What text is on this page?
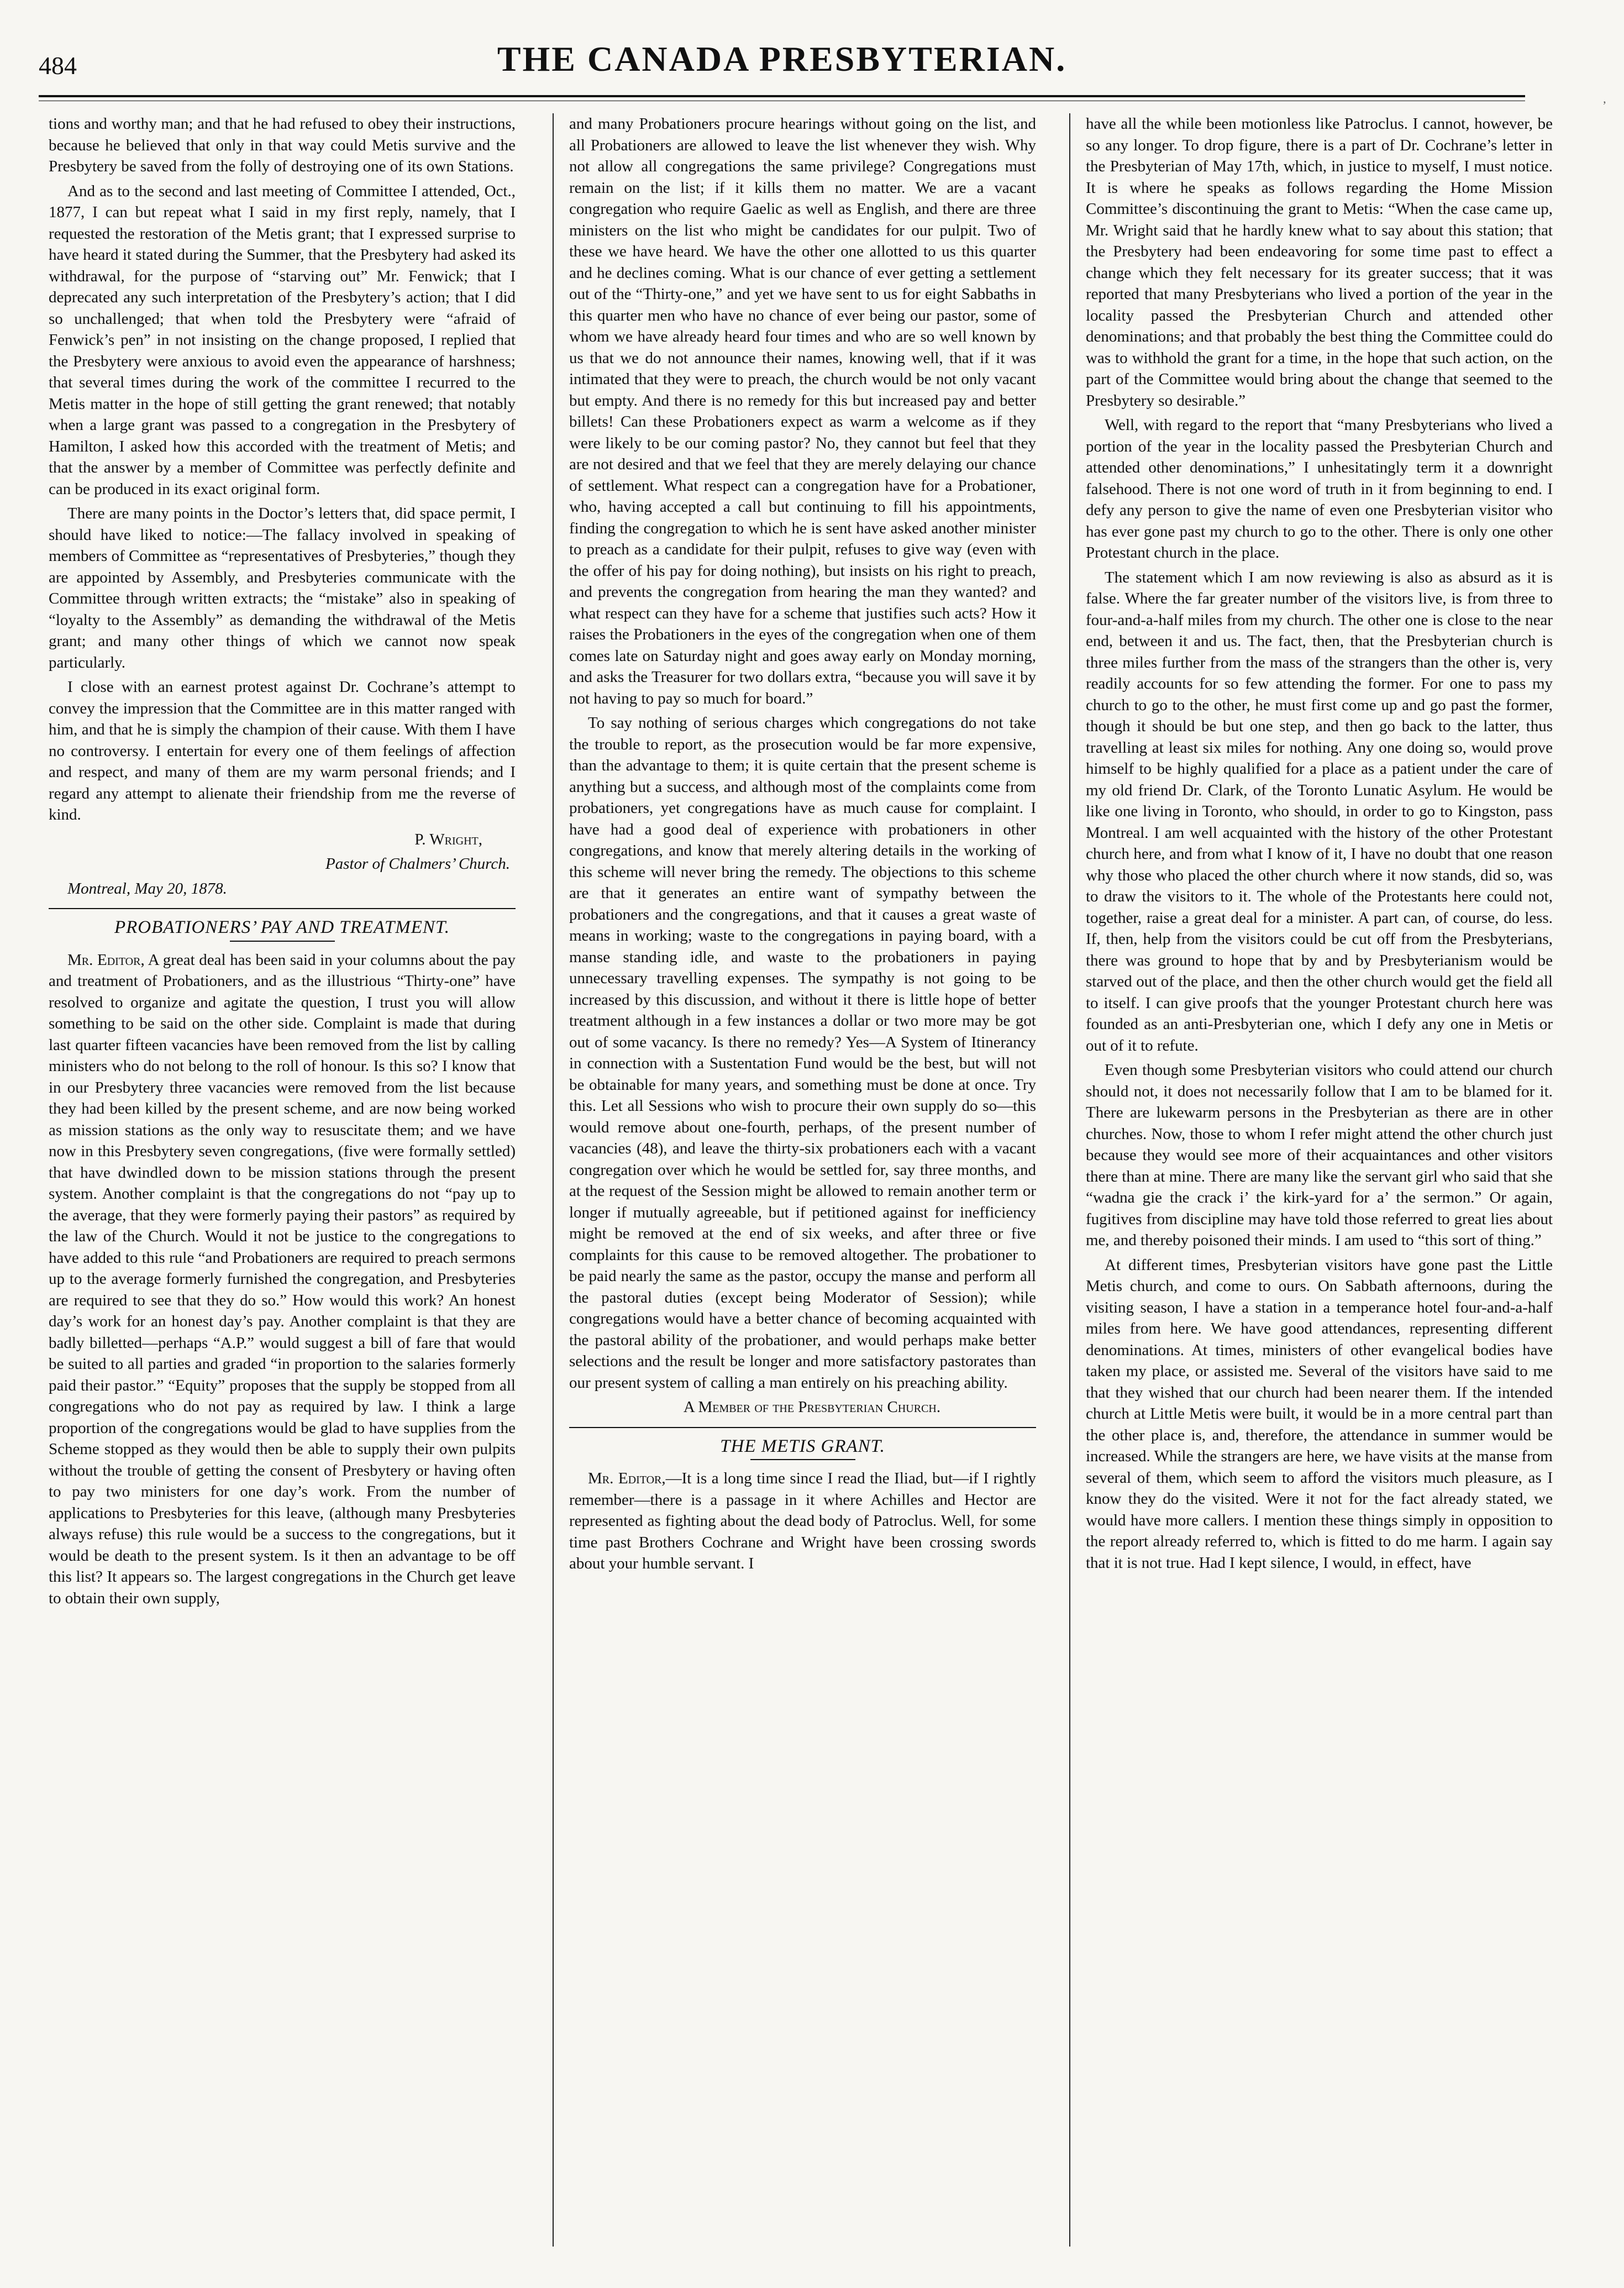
484	THE CANADA PRESBYTERIAN.
’

tions and worthy man; and that he had refused to obey their instructions, because he believed that only in that way could Metis survive and the Presbytery be saved from the folly of destroying one of its own Stations.

And as to the second and last meeting of Committee I attended, Oct., 1877, I can but repeat what I said in my first reply, namely, that I requested the restoration of the Metis grant; that I expressed surprise to have heard it stated during the Summer, that the Presbytery had asked its withdrawal, for the purpose of “starving out” Mr. Fenwick; that I deprecated any such interpretation of the Presbytery’s action; that I did so unchallenged; that when told the Presbytery were “afraid of Fenwick’s pen” in not insisting on the change proposed, I replied that the Presbytery were anxious to avoid even the appearance of harshness; that several times during the work of the committee I recurred to the Metis matter in the hope of still getting the grant renewed; that notably when a large grant was passed to a congregation in the Presbytery of Hamilton, I asked how this accorded with the treatment of Metis; and that the answer by a member of Committee was perfectly definite and can be produced in its exact original form.

There are many points in the Doctor’s letters that, did space permit, I should have liked to notice:—The fallacy involved in speaking of members of Committee as “representatives of Presbyteries,” though they are appointed by Assembly, and Presbyteries communicate with the Committee through written extracts; the “mistake” also in speaking of “loyalty to the Assembly” as demanding the withdrawal of the Metis grant; and many other things of which we cannot now speak particularly.

I close with an earnest protest against Dr. Cochrane’s attempt to convey the impression that the Committee are in this matter ranged with him, and that he is simply the champion of their cause. With them I have no controversy. I entertain for every one of them feelings of affection and respect, and many of them are my warm personal friends; and I regard any attempt to alienate their friendship from me the reverse of kind.

P. Wright,

Pastor of Chalmers’ Church.

Montreal, May 20, 1878.

PROBATIONERS’ PAY AND TREATMENT.

Mr. Editor, A great deal has been said in your columns about the pay and treatment of Probationers, and as the illustrious “Thirty-one” have resolved to organize and agitate the question, I trust you will allow something to be said on the other side. Complaint is made that during last quarter fifteen vacancies have been removed from the list by calling ministers who do not belong to the roll of honour. Is this so? I know that in our Presbytery three vacancies were removed from the list because they had been killed by the present scheme, and are now being worked as mission stations as the only way to resuscitate them; and we have now in this Presbytery seven congregations, (five were formally settled) that have dwindled down to be mission stations through the present system. Another complaint is that the congregations do not “pay up to the average, that they were formerly paying their pastors” as required by the law of the Church. Would it not be justice to the congregations to have added to this rule “and Probationers are required to preach sermons up to the average formerly furnished the congregation, and Presbyteries are required to see that they do so.” How would this work? An honest day’s work for an honest day’s pay. Another complaint is that they are badly billetted—perhaps “A.P.” would suggest a bill of fare that would be suited to all parties and graded “in proportion to the salaries formerly paid their pastor.” “Equity” proposes that the supply be stopped from all congregations who do not pay as required by law. I think a large proportion of the congregations would be glad to have supplies from the Scheme stopped as they would then be able to supply their own pulpits without the trouble of getting the consent of Presbytery or having often to pay two ministers for one day’s work. From the number of applications to Presbyteries for this leave, (although many Presbyteries always refuse) this rule would be a success to the congregations, but it would be death to the present system. Is it then an advantage to be off this list? It appears so. The largest congregations in the Church get leave to obtain their own supply,

and many Probationers procure hearings without going on the list, and all Probationers are allowed to leave the list whenever they wish. Why not allow all congregations the same privilege? Congregations must remain on the list; if it kills them no matter. We are a vacant congregation who require Gaelic as well as English, and there are three ministers on the list who might be candidates for our pulpit. Two of these we have heard. We have the other one allotted to us this quarter and he declines coming. What is our chance of ever getting a settlement out of the “Thirty-one,” and yet we have sent to us for eight Sabbaths in this quarter men who have no chance of ever being our pastor, some of whom we have already heard four times and who are so well known by us that we do not announce their names, knowing well, that if it was intimated that they were to preach, the church would be not only vacant but empty. And there is no remedy for this but increased pay and better billets! Can these Probationers expect as warm a welcome as if they were likely to be our coming pastor? No, they cannot but feel that they are not desired and that we feel that they are merely delaying our chance of settlement. What respect can a congregation have for a Probationer, who, having accepted a call but continuing to fill his appointments, finding the congregation to which he is sent have asked another minister to preach as a candidate for their pulpit, refuses to give way (even with the offer of his pay for doing nothing), but insists on his right to preach, and prevents the congregation from hearing the man they wanted? and what respect can they have for a scheme that justifies such acts? How it raises the Probationers in the eyes of the congregation when one of them comes late on Saturday night and goes away early on Monday morning, and asks the Treasurer for two dollars extra, “because you will save it by not having to pay so much for board.”

To say nothing of serious charges which congregations do not take the trouble to report, as the prosecution would be far more expensive, than the advantage to them; it is quite certain that the present scheme is anything but a success, and although most of the complaints come from probationers, yet congregations have as much cause for complaint. I have had a good deal of experience with probationers in other congregations, and know that merely altering details in the working of this scheme will never bring the remedy. The objections to this scheme are that it generates an entire want of sympathy between the probationers and the congregations, and that it causes a great waste of means in working; waste to the congregations in paying board, with a manse standing idle, and waste to the probationers in paying unnecessary travelling expenses. The sympathy is not going to be increased by this discussion, and without it there is little hope of better treatment although in a few instances a dollar or two more may be got out of some vacancy. Is there no remedy? Yes—A System of Itinerancy in connection with a Sustentation Fund would be the best, but will not be obtainable for many years, and something must be done at once. Try this. Let all Sessions who wish to procure their own supply do so—this would remove about one-fourth, perhaps, of the present number of vacancies (48), and leave the thirty-six probationers each with a vacant congregation over which he would be settled for, say three months, and at the request of the Session might be allowed to remain another term or longer if mutually agreeable, but if petitioned against for inefficiency might be removed at the end of six weeks, and after three or five complaints for this cause to be removed altogether. The probationer to be paid nearly the same as the pastor, occupy the manse and perform all the pastoral duties (except being Moderator of Session); while congregations would have a better chance of becoming acquainted with the pastoral ability of the probationer, and would perhaps make better selections and the result be longer and more satisfactory pastorates than our present system of calling a man entirely on his preaching ability.

A Member of the Presbyterian Church.

THE METIS GRANT.

Mr. Editor,—It is a long time since I read the Iliad, but—if I rightly remember—there is a passage in it where Achilles and Hector are represented as fighting about the dead body of Patroclus. Well, for some time past Brothers Cochrane and Wright have been crossing swords about your humble servant. I

have all the while been motionless like Patroclus. I cannot, however, be so any longer. To drop figure, there is a part of Dr. Cochrane’s letter in the Presbyterian of May 17th, which, in justice to myself, I must notice. It is where he speaks as follows regarding the Home Mission Committee’s discontinuing the grant to Metis: “When the case came up, Mr. Wright said that he hardly knew what to say about this station; that the Presbytery had been endeavoring for some time past to effect a change which they felt necessary for its greater success; that it was reported that many Presbyterians who lived a portion of the year in the locality passed the Presbyterian Church and attended other denominations; and that probably the best thing the Committee could do was to withhold the grant for a time, in the hope that such action, on the part of the Committee would bring about the change that seemed to the Presbytery so desirable.”

Well, with regard to the report that “many Presbyterians who lived a portion of the year in the locality passed the Presbyterian Church and attended other denominations,” I unhesitatingly term it a downright falsehood. There is not one word of truth in it from beginning to end. I defy any person to give the name of even one Presbyterian visitor who has ever gone past my church to go to the other. There is only one other Protestant church in the place.

The statement which I am now reviewing is also as absurd as it is false. Where the far greater number of the visitors live, is from three to four-and-a-half miles from my church. The other one is close to the near end, between it and us. The fact, then, that the Presbyterian church is three miles further from the mass of the strangers than the other is, very readily accounts for so few attending the former. For one to pass my church to go to the other, he must first come up and go past the former, though it should be but one step, and then go back to the latter, thus travelling at least six miles for nothing. Any one doing so, would prove himself to be highly qualified for a place as a patient under the care of my old friend Dr. Clark, of the Toronto Lunatic Asylum. He would be like one living in Toronto, who should, in order to go to Kingston, pass Montreal. I am well acquainted with the history of the other Protestant church here, and from what I know of it, I have no doubt that one reason why those who placed the other church where it now stands, did so, was to draw the visitors to it. The whole of the Protestants here could not, together, raise a great deal for a minister. A part can, of course, do less. If, then, help from the visitors could be cut off from the Presbyterians, there was ground to hope that by and by Presbyterianism would be starved out of the place, and then the other church would get the field all to itself. I can give proofs that the younger Protestant church here was founded as an anti-Presbyterian one, which I defy any one in Metis or out of it to refute.

Even though some Presbyterian visitors who could attend our church should not, it does not necessarily follow that I am to be blamed for it. There are lukewarm persons in the Presbyterian as there are in other churches. Now, those to whom I refer might attend the other church just because they would see more of their acquaintances and other visitors there than at mine. There are many like the servant girl who said that she “wadna gie the crack i’ the kirk-yard for a’ the sermon.” Or again, fugitives from discipline may have told those referred to great lies about me, and thereby poisoned their minds. I am used to “this sort of thing.”

At different times, Presbyterian visitors have gone past the Little Metis church, and come to ours. On Sabbath afternoons, during the visiting season, I have a station in a temperance hotel four-and-a-half miles from here. We have good attendances, representing different denominations. At times, ministers of other evangelical bodies have taken my place, or assisted me. Several of the visitors have said to me that they wished that our church had been nearer them. If the intended church at Little Metis were built, it would be in a more central part than the other place is, and, therefore, the attendance in summer would be increased. While the strangers are here, we have visits at the manse from several of them, which seem to afford the visitors much pleasure, as I know they do the visited. Were it not for the fact already stated, we would have more callers. I mention these things simply in opposition to the report already referred to, which is fitted to do me harm. I again say that it is not true. Had I kept silence, I would, in effect, have
